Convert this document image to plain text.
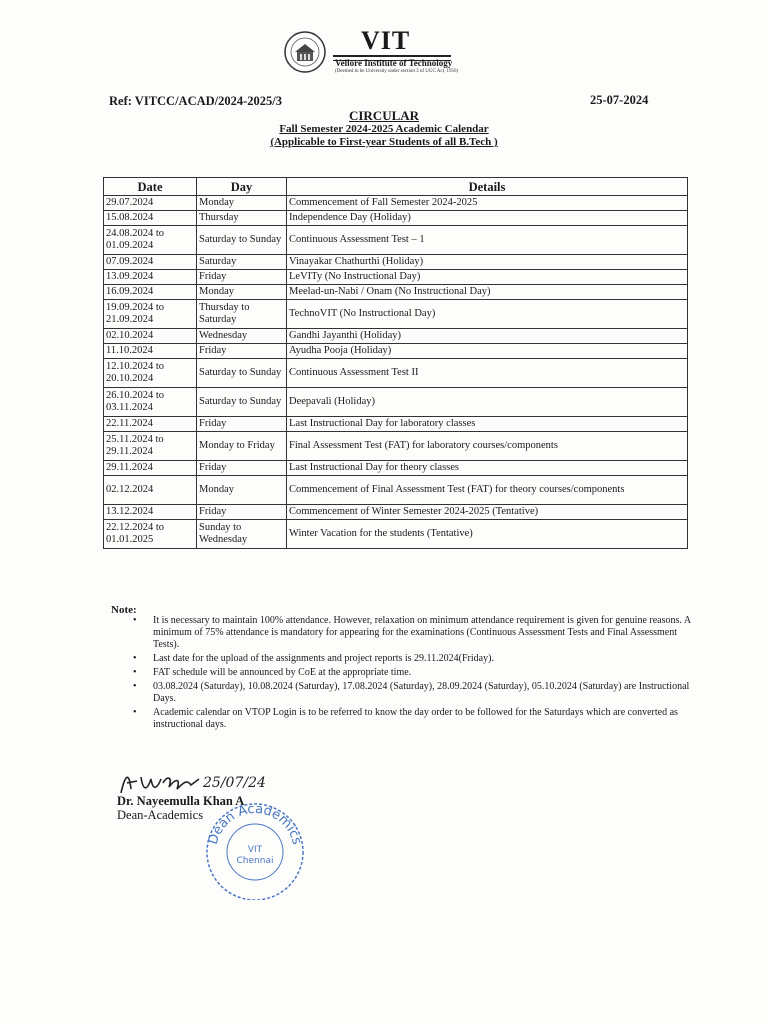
VIT
Vellore Institute of Technology
(Deemed to be University under section 3 of UGC Act, 1956)
Ref: VITCC/ACAD/2024-2025/3	25-07-2024
CIRCULAR
Fall Semester 2024-2025 Academic Calendar
(Applicable to First-year Students of all B.Tech )
Date	Day	Details
29.07.2024	Monday	Commencement of Fall Semester 2024-2025
15.08.2024	Thursday	Independence Day (Holiday)
24.08.2024 to 01.09.2024	Saturday to Sunday	Continuous Assessment Test – 1
07.09.2024	Saturday	Vinayakar Chathurthi (Holiday)
13.09.2024	Friday	LeVITy (No Instructional Day)
16.09.2024	Monday	Meelad-un-Nabi / Onam (No Instructional Day)
19.09.2024 to 21.09.2024	Thursday to Saturday	TechnoVIT (No Instructional Day)
02.10.2024	Wednesday	Gandhi Jayanthi (Holiday)
11.10.2024	Friday	Ayudha Pooja (Holiday)
12.10.2024 to 20.10.2024	Saturday to Sunday	Continuous Assessment Test II
26.10.2024 to 03.11.2024	Saturday to Sunday	Deepavali (Holiday)
22.11.2024	Friday	Last Instructional Day for laboratory classes
25.11.2024 to 29.11.2024	Monday to Friday	Final Assessment Test (FAT) for laboratory courses/components
29.11.2024	Friday	Last Instructional Day for theory classes
02.12.2024	Monday	Commencement of Final Assessment Test (FAT) for theory courses/components
13.12.2024	Friday	Commencement of Winter Semester 2024-2025 (Tentative)
22.12.2024 to 01.01.2025	Sunday to Wednesday	Winter Vacation for the students (Tentative)
Note:
• It is necessary to maintain 100% attendance. However, relaxation on minimum attendance requirement is given for genuine reasons. A minimum of 75% attendance is mandatory for appearing for the examinations (Continuous Assessment Tests and Final Assessment Tests).
• Last date for the upload of the assignments and project reports is 29.11.2024(Friday).
• FAT schedule will be announced by CoE at the appropriate time.
• 03.08.2024 (Saturday), 10.08.2024 (Saturday), 17.08.2024 (Saturday), 28.09.2024 (Saturday), 05.10.2024 (Saturday) are Instructional Days.
• Academic calendar on VTOP Login is to be referred to know the day order to be followed for the Saturdays which are converted as instructional days.
25/07/24
Dr. Nayeemulla Khan A
Dean-Academics
Dean Academics
VIT
Chennai
